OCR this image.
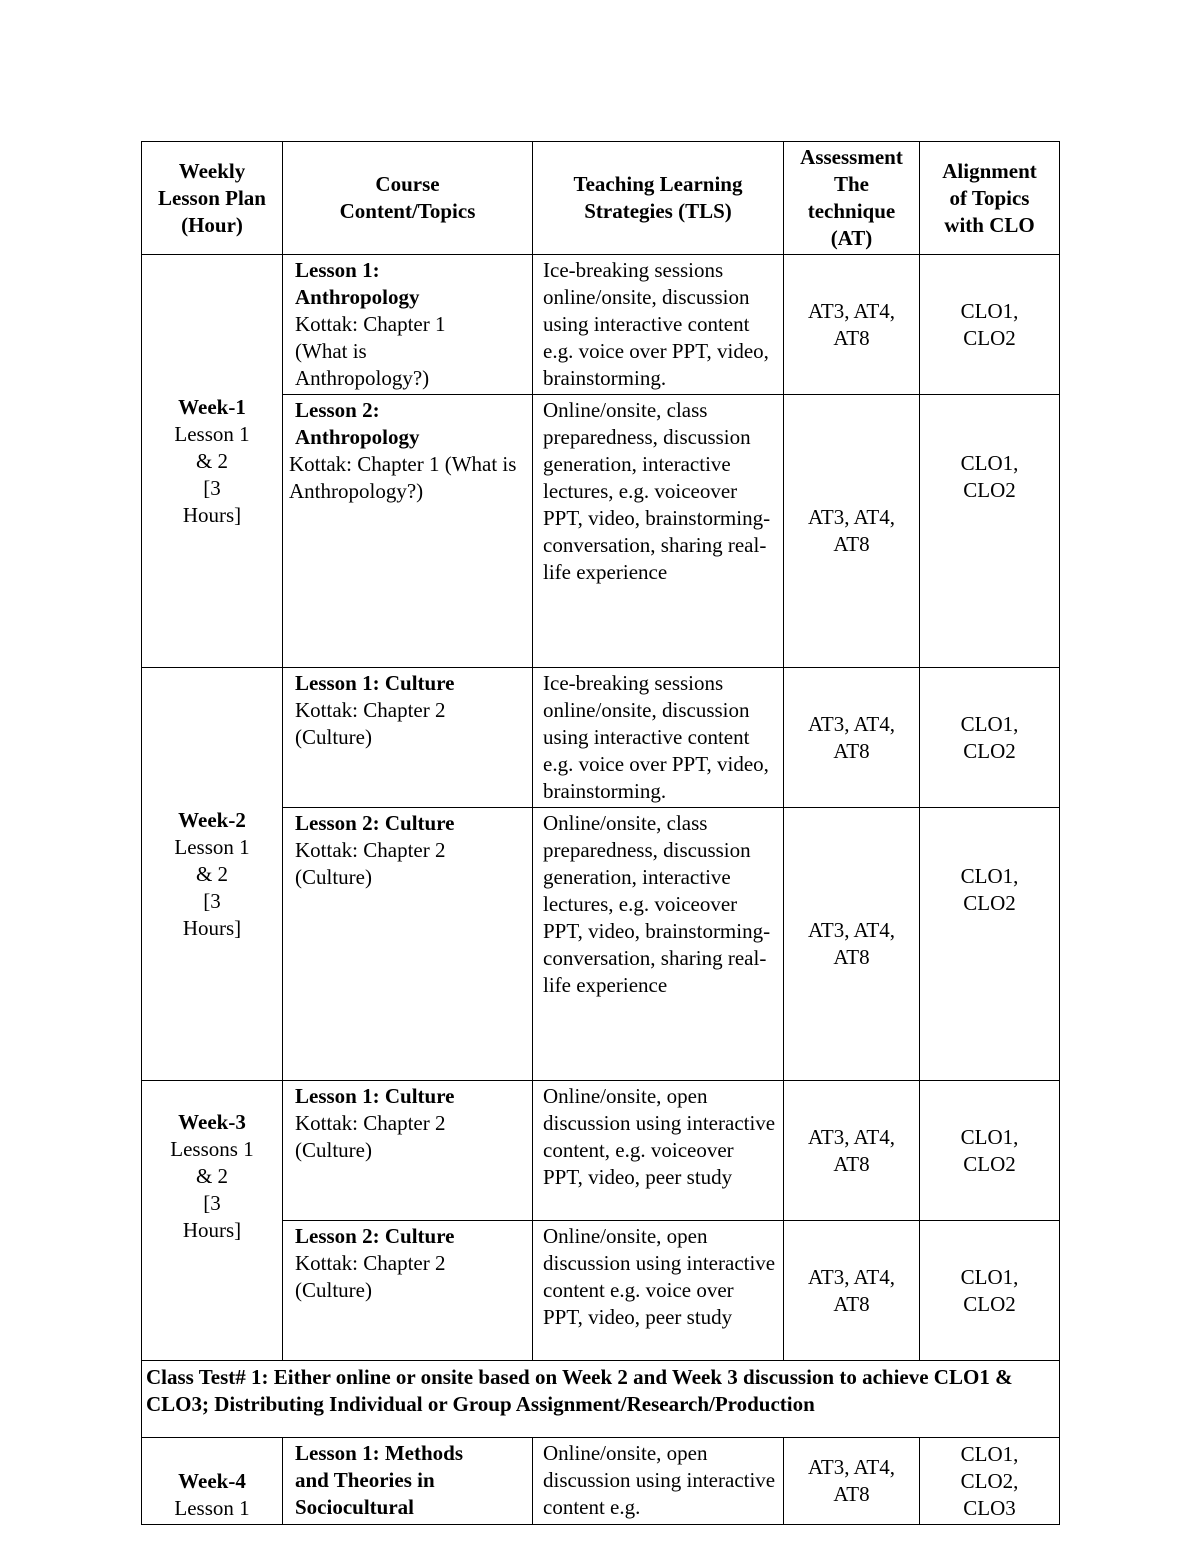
Weekly
Lesson Plan
(Hour)	Course
Content/Topics	Teaching Learning
Strategies (TLS)	Assessment
The
technique
(AT)	Alignment
of Topics
with CLO

Week-1
Lesson 1
& 2
[3
Hours]	Lesson 1:
Anthropology
Kottak: Chapter 1
(What is
Anthropology?)	Ice-breaking sessions online/onsite, discussion using interactive content e.g. voice over PPT, video, brainstorming.	AT3, AT4,
AT8	CLO1,
CLO2

	Lesson 2:
Anthropology
Kottak: Chapter 1 (What is   Anthropology?)	Online/onsite, class preparedness, discussion generation, interactive lectures, e.g. voiceover PPT, video, brainstorming-conversation, sharing real-life experience	AT3, AT4,
AT8	CLO1,
CLO2

Week-2
Lesson 1
& 2
[3
Hours]	Lesson 1: Culture
Kottak: Chapter 2
(Culture)	Ice-breaking sessions online/onsite, discussion using interactive content e.g. voice over PPT, video, brainstorming.	AT3, AT4,
AT8	CLO1,
CLO2

	Lesson 2: Culture
Kottak: Chapter 2
(Culture)	Online/onsite, class preparedness, discussion generation, interactive lectures, e.g. voiceover PPT, video, brainstorming-conversation, sharing real-life experience	AT3, AT4,
AT8	CLO1,
CLO2

Week-3
Lessons 1
& 2
[3
Hours]	Lesson 1: Culture
Kottak: Chapter 2
(Culture)	Online/onsite, open discussion using interactive content, e.g. voiceover PPT, video, peer study	AT3, AT4,
AT8	CLO1,
CLO2

	Lesson 2: Culture
Kottak: Chapter 2
(Culture)	Online/onsite, open discussion using interactive content e.g. voice over PPT, video, peer study	AT3, AT4,
AT8	CLO1,
CLO2

Class Test# 1: Either online or onsite based on Week 2 and Week 3 discussion to achieve CLO1 & CLO3; Distributing Individual or Group Assignment/Research/Production				

Week-4
Lesson 1	Lesson 1: Methods
and Theories in
Sociocultural	Online/onsite, open discussion using interactive content e.g.	AT3, AT4,
AT8	CLO1,
CLO2,
CLO3
